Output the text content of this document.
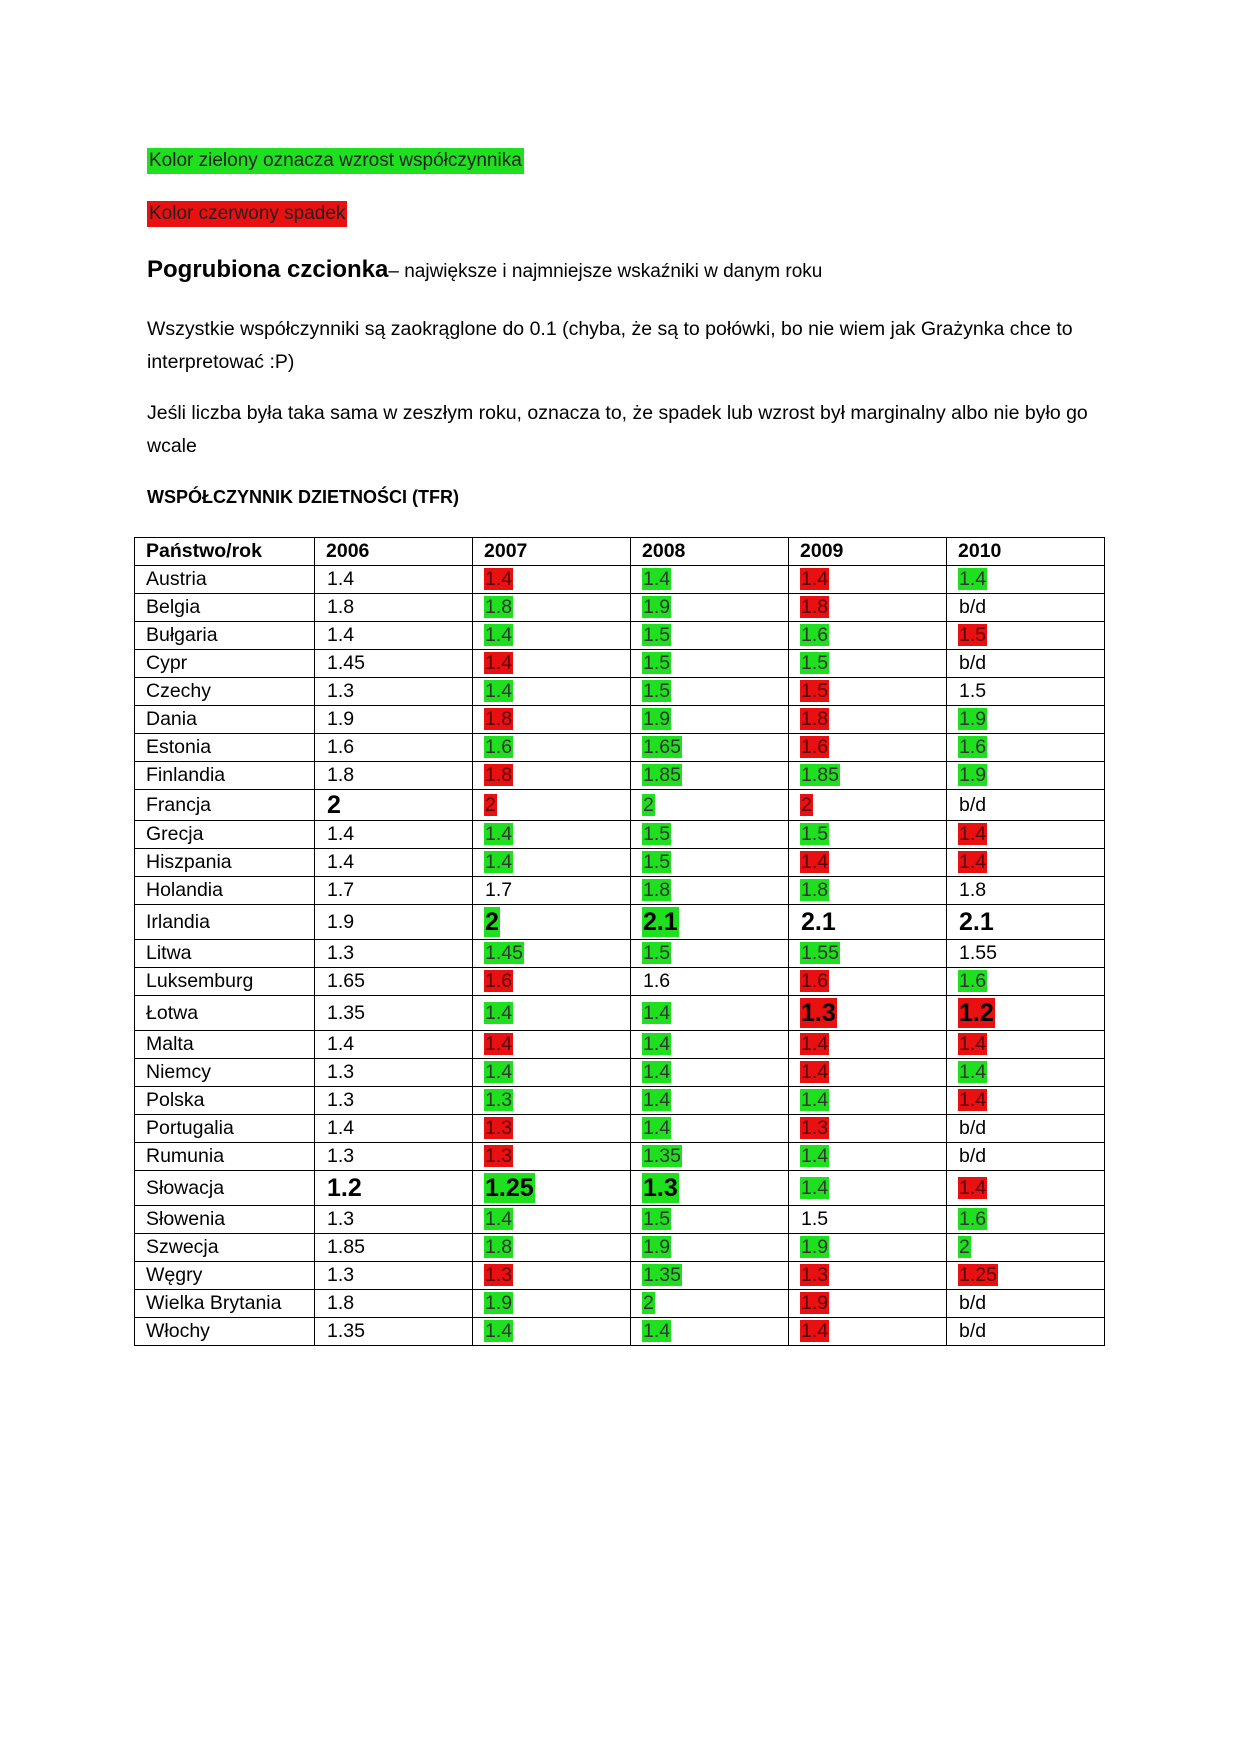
Kolor zielony oznacza wzrost współczynnika
Kolor czerwony spadek
Pogrubiona czcionka– największe i najmniejsze wskaźniki w danym roku
Wszystkie współczynniki są zaokrąglone do 0.1 (chyba, że są to połówki, bo nie wiem jak Grażynka chce to interpretować :P)
Jeśli liczba była taka sama w zeszłym roku, oznacza to, że spadek lub wzrost był marginalny albo nie było go wcale
WSPÓŁCZYNNIK DZIETNOŚCI (TFR)
Państwo/rok	2006	2007	2008	2009	2010
Austria	1.4	1.4	1.4	1.4	1.4
Belgia	1.8	1.8	1.9	1.8	b/d
Bułgaria	1.4	1.4	1.5	1.6	1.5
Cypr	1.45	1.4	1.5	1.5	b/d
Czechy	1.3	1.4	1.5	1.5	1.5
Dania	1.9	1.8	1.9	1.8	1.9
Estonia	1.6	1.6	1.65	1.6	1.6
Finlandia	1.8	1.8	1.85	1.85	1.9
Francja	2	2	2	2	b/d
Grecja	1.4	1.4	1.5	1.5	1.4
Hiszpania	1.4	1.4	1.5	1.4	1.4
Holandia	1.7	1.7	1.8	1.8	1.8
Irlandia	1.9	2	2.1	2.1	2.1
Litwa	1.3	1.45	1.5	1.55	1.55
Luksemburg	1.65	1.6	1.6	1.6	1.6
Łotwa	1.35	1.4	1.4	1.3	1.2
Malta	1.4	1.4	1.4	1.4	1.4
Niemcy	1.3	1.4	1.4	1.4	1.4
Polska	1.3	1.3	1.4	1.4	1.4
Portugalia	1.4	1.3	1.4	1.3	b/d
Rumunia	1.3	1.3	1.35	1.4	b/d
Słowacja	1.2	1.25	1.3	1.4	1.4
Słowenia	1.3	1.4	1.5	1.5	1.6
Szwecja	1.85	1.8	1.9	1.9	2
Węgry	1.3	1.3	1.35	1.3	1.25
Wielka Brytania	1.8	1.9	2	1.9	b/d
Włochy	1.35	1.4	1.4	1.4	b/d
